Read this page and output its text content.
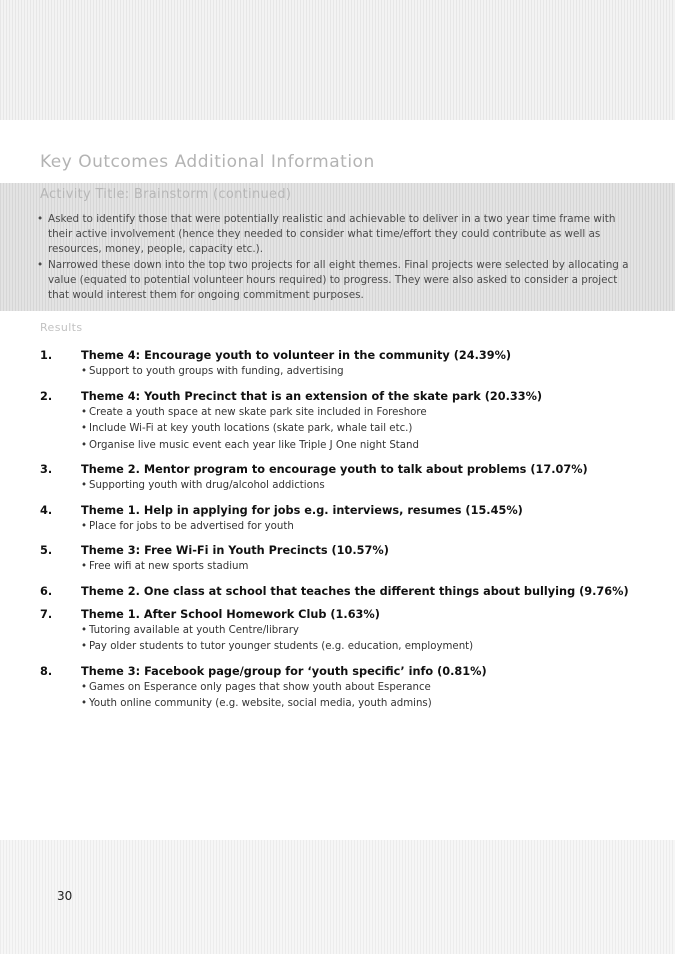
Key Outcomes Additional Information
Activity Title: Brainstorm (continued)
• Asked to identify those that were potentially realistic and achievable to deliver in a two year time frame with their active involvement (hence they needed to consider what time/effort they could contribute as well as resources, money, people, capacity etc.).
• Narrowed these down into the top two projects for all eight themes. Final projects were selected by allocating a value (equated to potential volunteer hours required) to progress. They were also asked to consider a project that would interest them for ongoing commitment purposes.
Results
1.	Theme 4: Encourage youth to volunteer in the community (24.39%)
• Support to youth groups with funding, advertising
2.	Theme 4: Youth Precinct that is an extension of the skate park (20.33%)
• Create a youth space at new skate park site included in Foreshore
• Include Wi-Fi at key youth locations (skate park, whale tail etc.)
• Organise live music event each year like Triple J One night Stand
3.	Theme 2. Mentor program to encourage youth to talk about problems (17.07%)
• Supporting youth with drug/alcohol addictions
4.	Theme 1. Help in applying for jobs e.g. interviews, resumes (15.45%)
• Place for jobs to be advertised for youth
5.	Theme 3: Free Wi-Fi in Youth Precincts (10.57%)
• Free wifi at new sports stadium
6.	Theme 2. One class at school that teaches the different things about bullying (9.76%)
7.	Theme 1. After School Homework Club (1.63%)
• Tutoring available at youth Centre/library
• Pay older students to tutor younger students (e.g. education, employment)
8.	Theme 3: Facebook page/group for ‘youth specific’ info (0.81%)
• Games on Esperance only pages that show youth about Esperance
• Youth online community (e.g. website, social media, youth admins)
30
